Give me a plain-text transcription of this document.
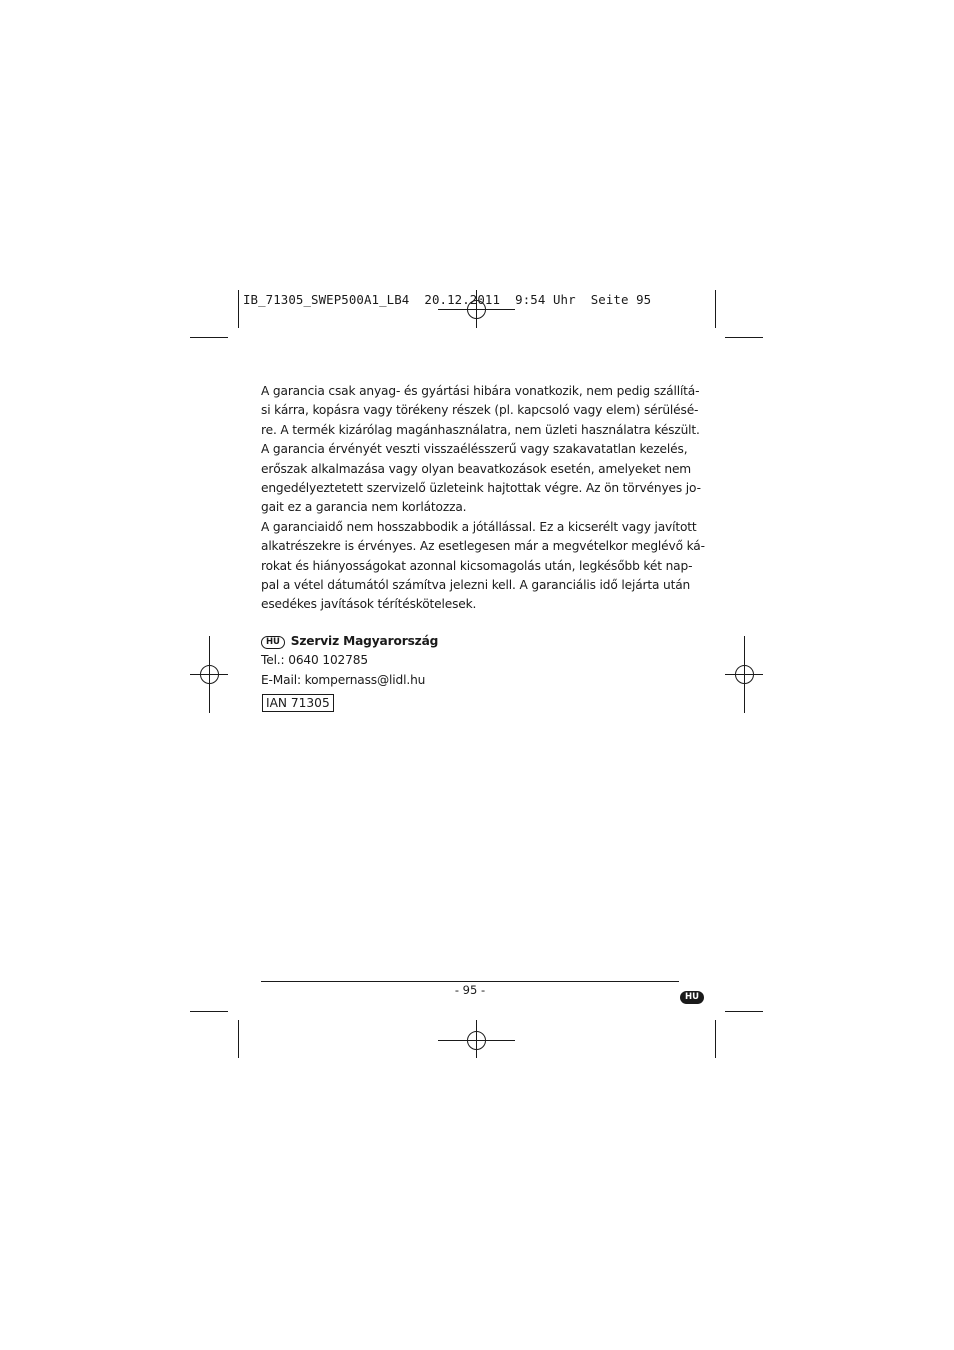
IB_71305_SWEP500A1_LB4  20.12.2011  9:54 Uhr  Seite 95
A garancia csak anyag- és gyártási hibára vonatkozik, nem pedig szállítá-
si kárra, kopásra vagy törékeny részek (pl. kapcsoló vagy elem) sérülésé-
re. A termék kizárólag magánhasználatra, nem üzleti használatra készült.
A garancia érvényét veszti visszaélésszerű vagy szakavatatlan kezelés,
erőszak alkalmazása vagy olyan beavatkozások esetén, amelyeket nem
engedélyeztetett szervizelő üzleteink hajtottak végre. Az ön törvényes jo-
gait ez a garancia nem korlátozza.
A garanciaidő nem hosszabbodik a jótállással. Ez a kicserélt vagy javított
alkatrészekre is érvényes. Az esetlegesen már a megvételkor meglévő ká-
rokat és hiányosságokat azonnal kicsomagolás után, legkésőbb két nap-
pal a vétel dátumától számítva jelezni kell. A garanciális idő lejárta után
esedékes javítások térítéskötelesek.
HU Szerviz Magyarország
Tel.: 0640 102785
E-Mail: kompernass@lidl.hu
IAN 71305
- 95 -	HU
